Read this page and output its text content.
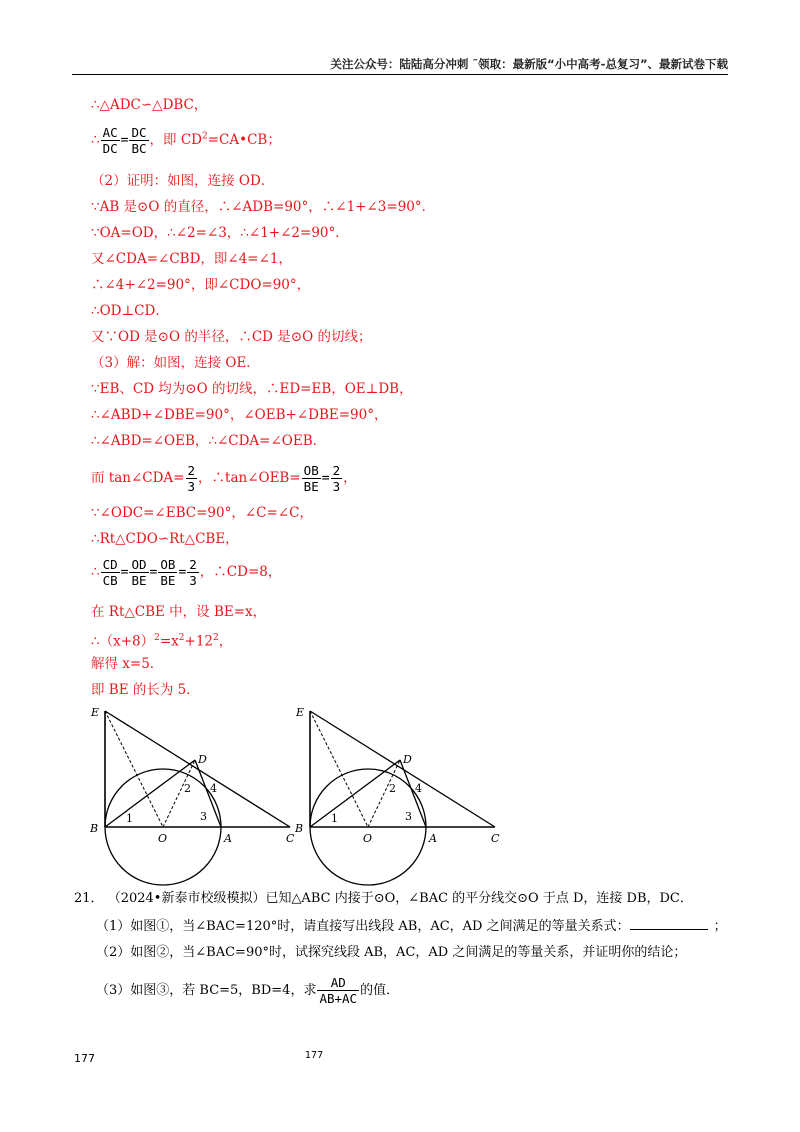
关注公众号：陆陆高分冲刺 ˜领取：最新版“小中高考-总复习”、最新试卷下载
∴△ADC∽△DBC，
∴ $\frac{AC}{DC} = \frac{DC}{BC}$ ，即 $CD^2=CA•CB$；
（2）证明：如图，连接 OD．
∵AB 是⊙O 的直径，∴∠ADB=90°，∴∠1+∠3=90°．
∵OA=OD，∴∠2=∠3，∴∠1+∠2=90°．
又∠CDA=∠CBD，即∠4=∠1，
∴∠4+∠2=90°，即∠CDO=90°，
∴OD⊥CD．
又∵OD 是⊙O 的半径，∴CD 是⊙O 的切线；
（3）解：如图，连接 OE．
∵EB、CD 均为⊙O 的切线，∴ED=EB，OE⊥DB，
∴∠ABD+∠DBE=90°，∠OEB+∠DBE=90°，
∴∠ABD=∠OEB，∴∠CDA=∠OEB．
而 tan∠CDA= $\frac{2}{3}$ ，∴tan∠OEB= $\frac{OB}{BE} = \frac{2}{3}$ ，
∵∠ODC=∠EBC=90°，∠C=∠C，
∴Rt△CDO∽Rt△CBE，
∴ $\frac{CD}{CB} = \frac{OD}{BE} = \frac{OB}{BE} = \frac{2}{3}$ ，∴CD=8，
在 Rt△CBE 中，设 BE=x，
$\therefore(x+8)^2=x^2+12^2$，
解得 x=5．
即 BE 的长为 5．
E
D
B
O	A	C
1
2
3
4
E
D
B
O	A	C
1
2
3
4
21． （2024•新泰市校级模拟）已知△ABC 内接于⊙O，∠BAC 的平分线交⊙O 于点 D，连接 DB，DC．
（1）如图①，当∠BAC=120°时，请直接写出线段 AB，AC，AD 之间满足的等量关系式：	；
（2）如图②，当∠BAC=90°时，试探究线段 AB，AC，AD 之间满足的等量关系，并证明你的结论；
（3）如图③，若 BC=5，BD=4，求 $\frac{AD}{AB+AC}$ 的值．
177	177
